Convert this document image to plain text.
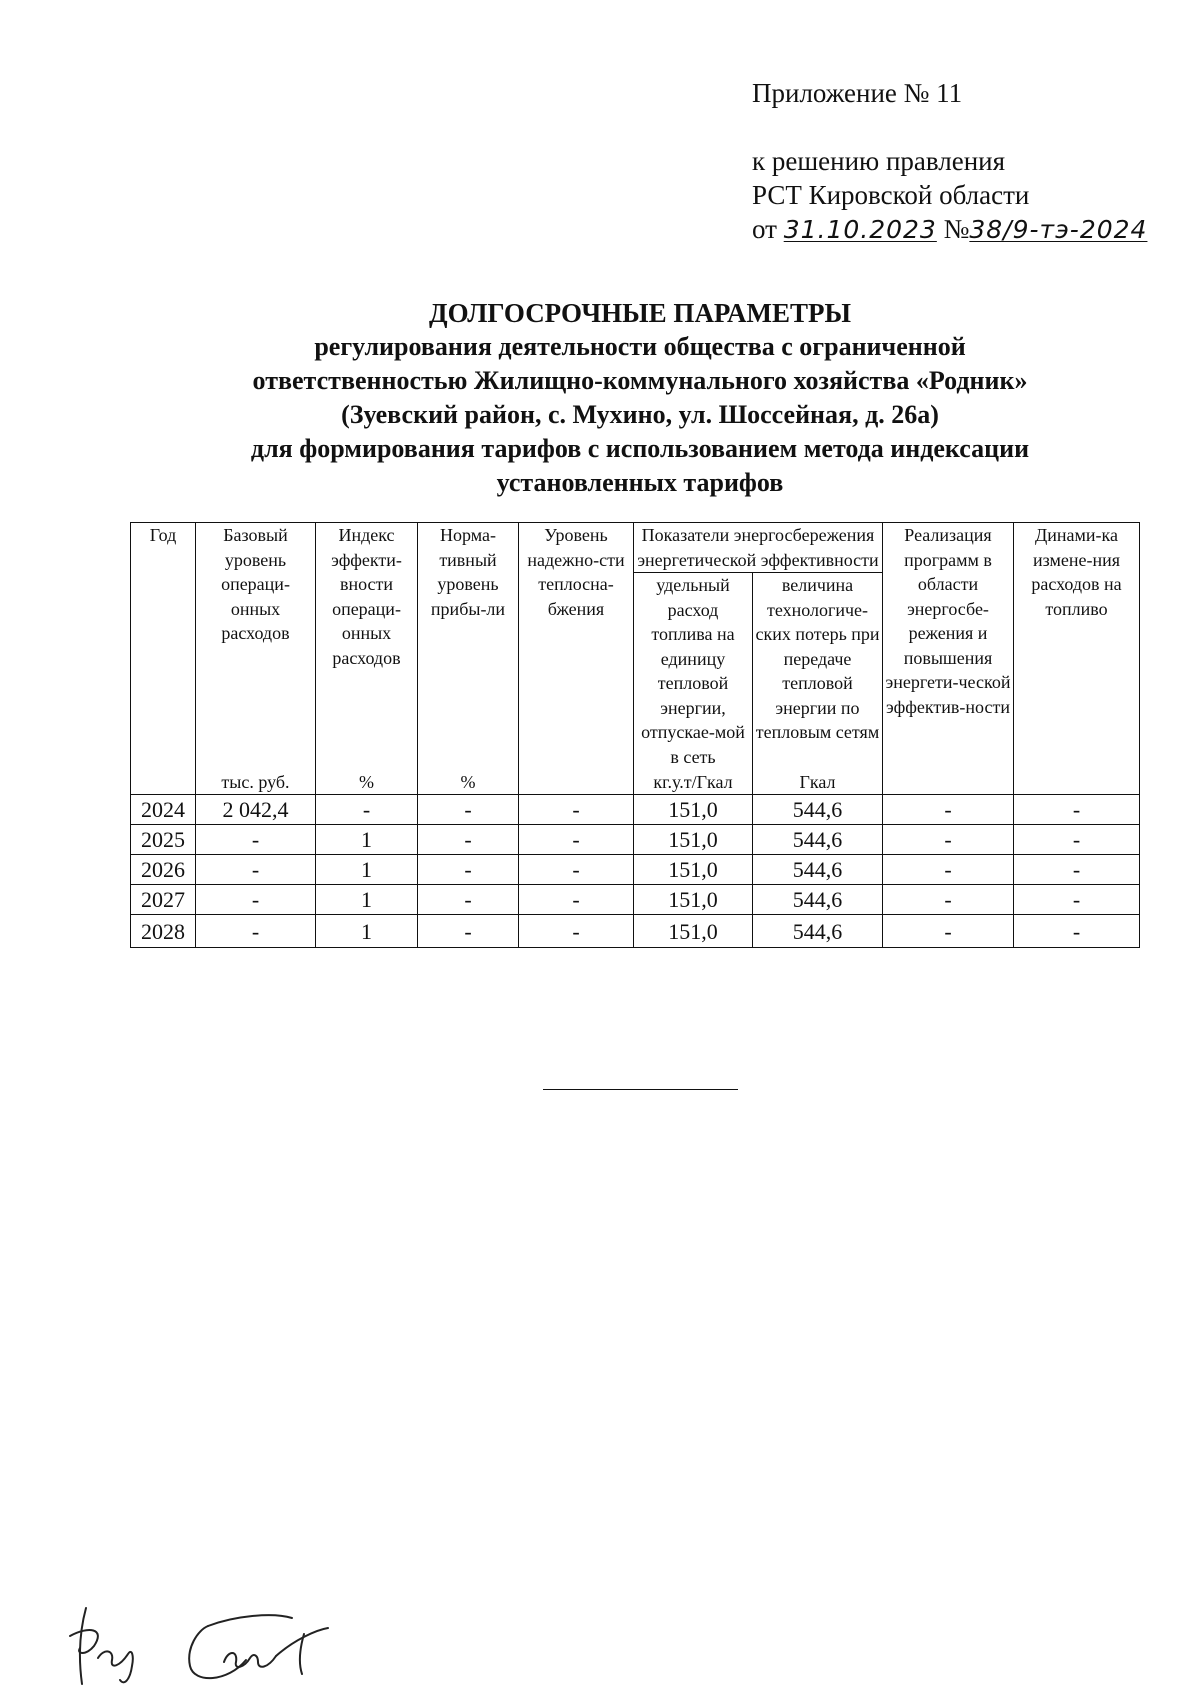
Приложение № 11
к решению правления
РСТ Кировской области
от 31.10.2023 №38/9-тэ-2024
ДОЛГОСРОЧНЫЕ ПАРАМЕТРЫ
регулирования деятельности общества с ограниченной
ответственностью Жилищно-коммунального хозяйства «Родник»
(Зуевский район, с. Мухино, ул. Шоссейная, д. 26а)
для формирования тарифов с использованием метода индексации
установленных тарифов
Год	Базовый уровень операци-онных расходов	Индекс эффекти-вности операци-онных расходов	Норма-тивный уровень прибы-ли	Уровень надежно-сти теплосна-бжения	Показатели энергосбережения энергетической эффективности		Реализация программ в области энергосбе-режения и повышения энергети-ческой эффектив-ности	Динами-ка измене-ния расходов на топливо
					удельный расход топлива на единицу тепловой энергии, отпускае-мой в сеть	величина технологиче-ских потерь при передаче тепловой энергии по тепловым сетям		
	тыс. руб.	%	%		кг.у.т/Гкал	Гкал		
2024	2 042,4	-	-	-	151,0	544,6	-	-
2025	-	1	-	-	151,0	544,6	-	-
2026	-	1	-	-	151,0	544,6	-	-
2027	-	1	-	-	151,0	544,6	-	-
2028	-	1	-	-	151,0	544,6	-	-
